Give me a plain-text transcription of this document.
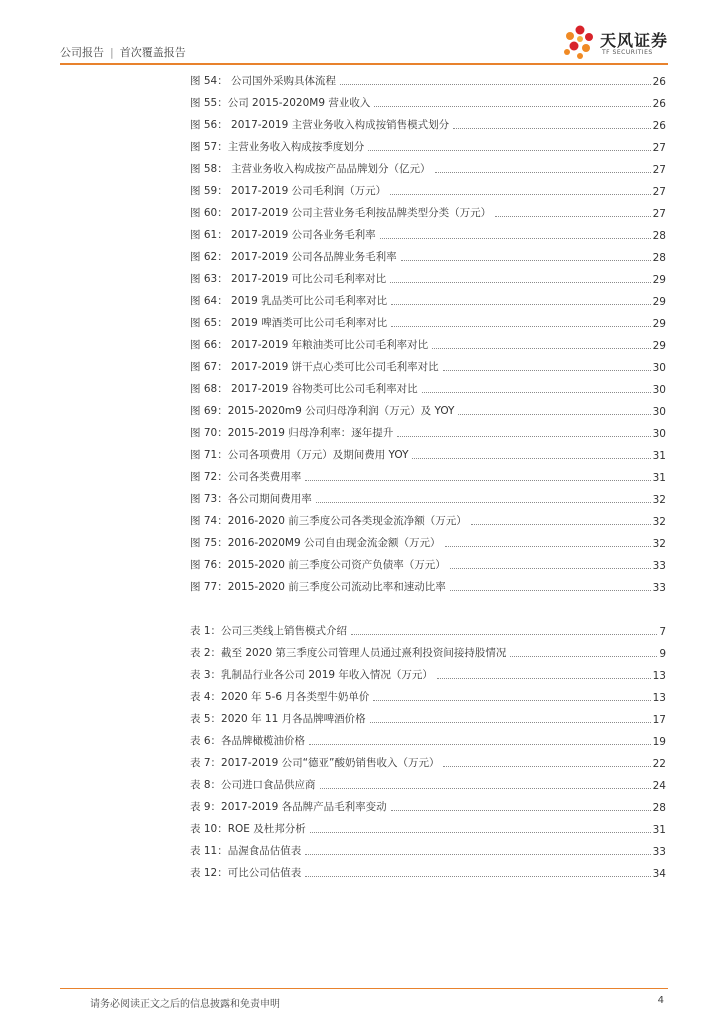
公司报告 | 首次覆盖报告
天风证券
TF SECURITIES
图 54： 公司国外采购具体流程	26
图 55：公司 2015-2020M9 营业收入	26
图 56： 2017-2019 主营业务收入构成按销售模式划分	26
图 57：主营业务收入构成按季度划分	27
图 58： 主营业务收入构成按产品品牌划分（亿元）	27
图 59： 2017-2019 公司毛利润（万元）	27
图 60： 2017-2019 公司主营业务毛利按品牌类型分类（万元）	27
图 61： 2017-2019 公司各业务毛利率	28
图 62： 2017-2019 公司各品牌业务毛利率	28
图 63： 2017-2019 可比公司毛利率对比	29
图 64： 2019 乳品类可比公司毛利率对比	29
图 65： 2019 啤酒类可比公司毛利率对比	29
图 66： 2017-2019 年粮油类可比公司毛利率对比	29
图 67： 2017-2019 饼干点心类可比公司毛利率对比	30
图 68： 2017-2019 谷物类可比公司毛利率对比	30
图 69：2015-2020m9 公司归母净利润（万元）及 YOY	30
图 70：2015-2019 归母净利率：逐年提升	30
图 71：公司各项费用（万元）及期间费用 YOY	31
图 72：公司各类费用率	31
图 73：各公司期间费用率	32
图 74：2016-2020 前三季度公司各类现金流净额（万元）	32
图 75：2016-2020M9 公司自由现金流金额（万元）	32
图 76：2015-2020 前三季度公司资产负债率（万元）	33
图 77：2015-2020 前三季度公司流动比率和速动比率	33
表 1：公司三类线上销售模式介绍	7
表 2：截至 2020 第三季度公司管理人员通过熹利投资间接持股情况	9
表 3：乳制品行业各公司 2019 年收入情况（万元）	13
表 4：2020 年 5-6 月各类型牛奶单价	13
表 5：2020 年 11 月各品牌啤酒价格	17
表 6：各品牌橄榄油价格	19
表 7：2017-2019 公司“德亚”酸奶销售收入（万元）	22
表 8：公司进口食品供应商	24
表 9：2017-2019 各品牌产品毛利率变动	28
表 10：ROE 及杜邦分析	31
表 11：品渥食品估值表	33
表 12：可比公司估值表	34
请务必阅读正文之后的信息披露和免责申明	4
